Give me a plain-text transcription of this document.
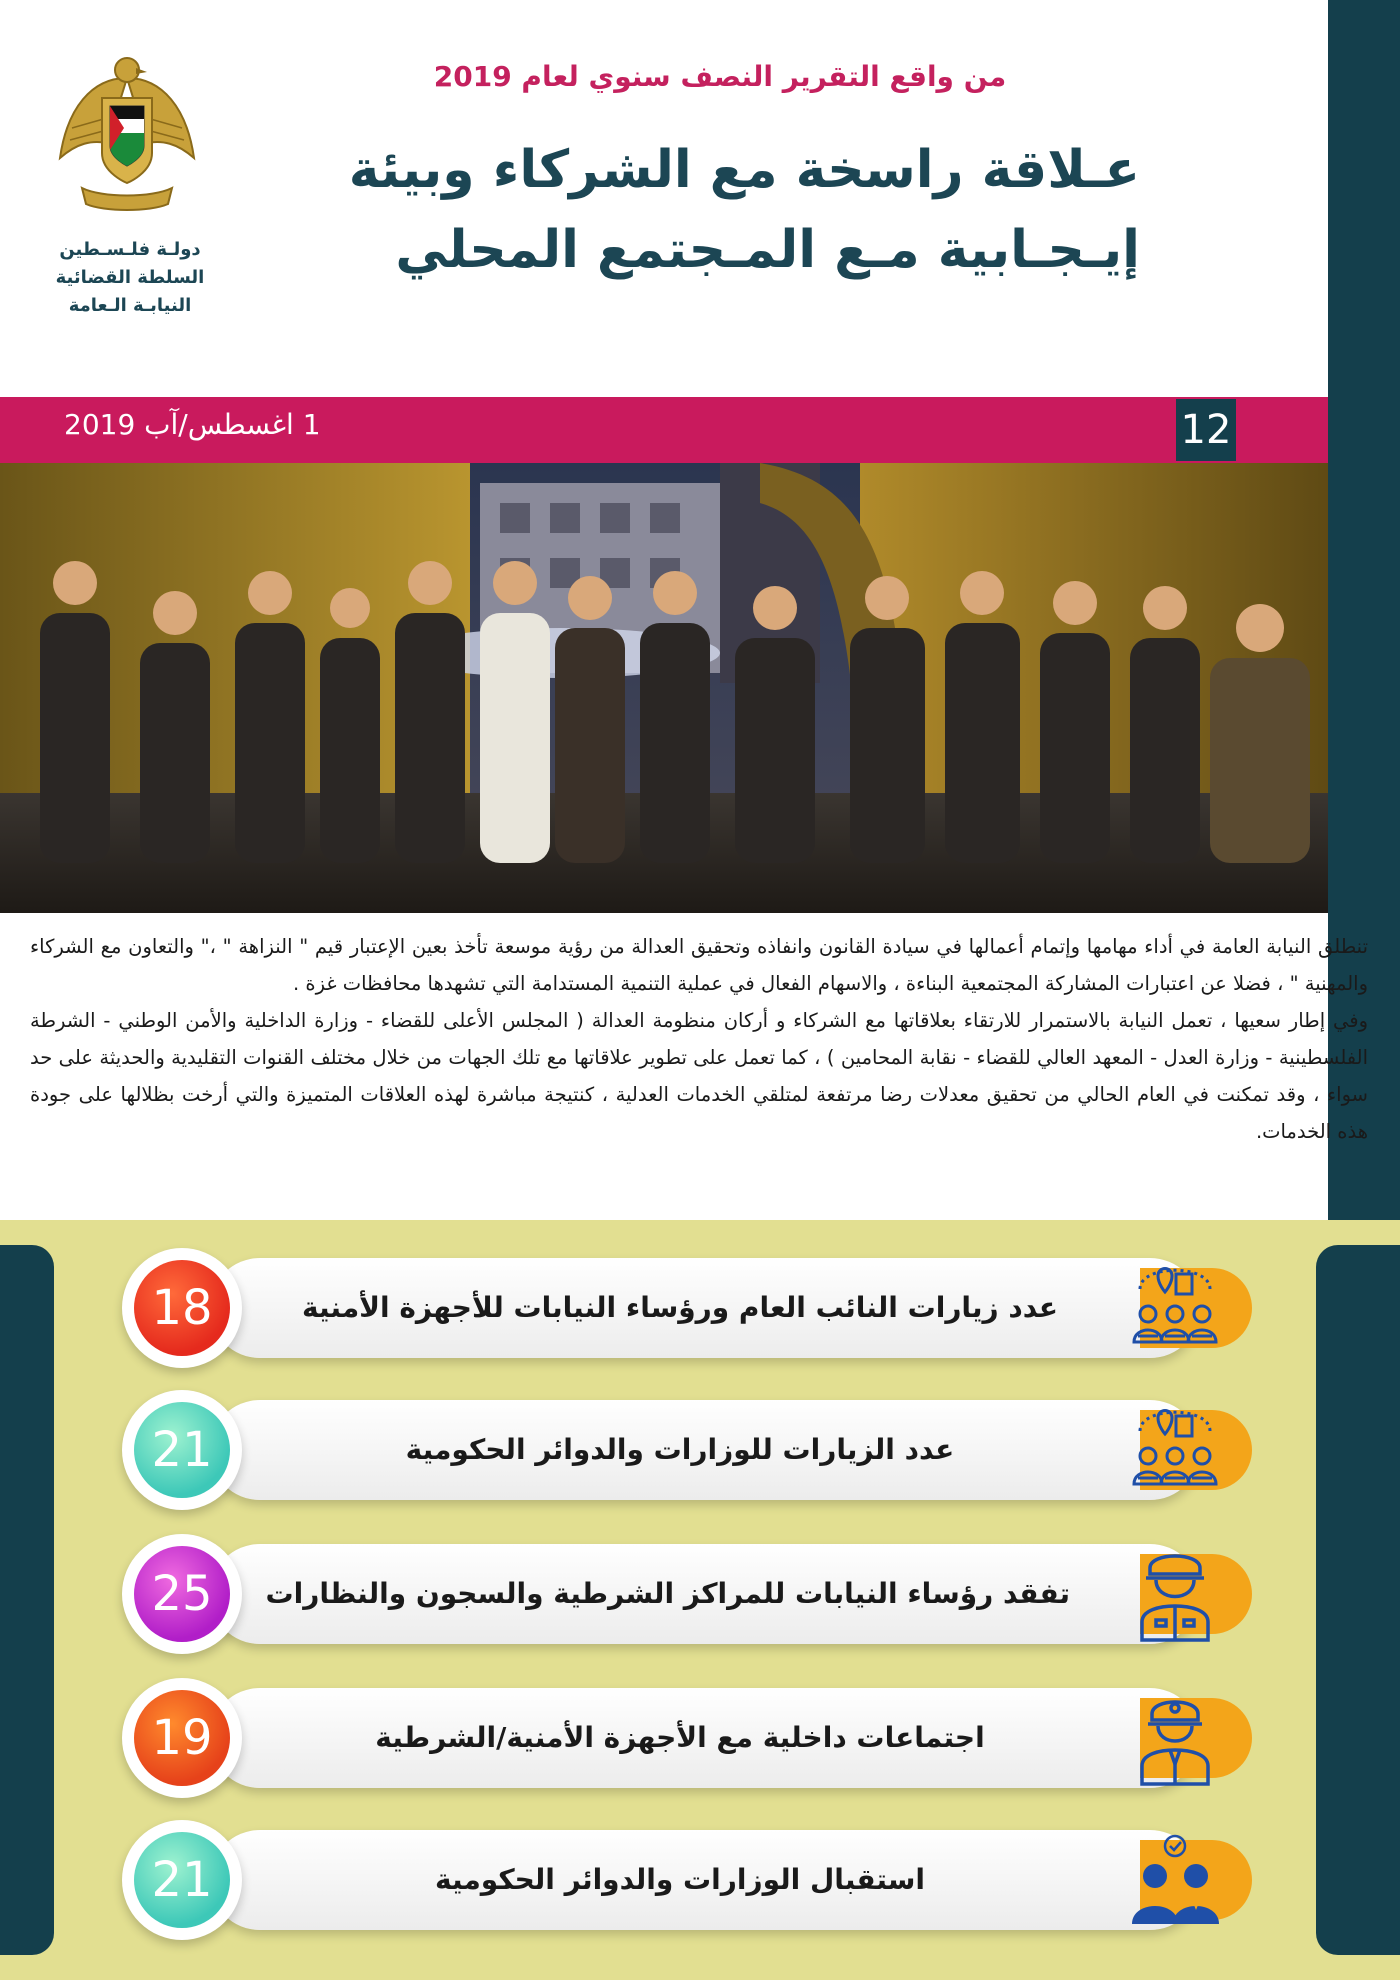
دولـة فلـسـطين
السلطة القضائية
النيابـة الـعامة
من واقع التقرير النصف سنوي لعام 2019
عـلاقة راسخة مع الشركاء وبيئة
إيـجـابية مـع المـجتمع المحلي
1 اغسطس/آب 2019	12

تنطلق النيابة العامة في أداء مهامها وإتمام أعمالها في سيادة القانون وانفاذه وتحقيق العدالة من رؤية موسعة تأخذ بعين الإعتبار قيم " النزاهة " ،" والتعاون مع الشركاء والمهنية " ، فضلا عن اعتبارات المشاركة المجتمعية البناءة ، والاسهام الفعال في عملية التنمية المستدامة التي تشهدها محافظات غزة .

وفي إطار سعيها ، تعمل النيابة بالاستمرار للارتقاء بعلاقاتها مع الشركاء و أركان منظومة العدالة ( المجلس الأعلى للقضاء - وزارة الداخلية والأمن الوطني - الشرطة الفلسطينية - وزارة العدل - المعهد العالي للقضاء - نقابة المحامين ) ، كما تعمل على تطوير علاقاتها مع تلك الجهات من خلال مختلف القنوات التقليدية والحديثة على حد سواء ، وقد تمكنت في العام الحالي من تحقيق معدلات رضا مرتفعة لمتلقي الخدمات العدلية ، كنتيجة مباشرة لهذه العلاقات المتميزة والتي أرخت بظلالها على جودة هذه الخدمات.

عدد زيارات النائب العام ورؤساء النيابات للأجهزة الأمنية
18
عدد الزيارات للوزارات والدوائر الحكومية
21
تفقد رؤساء النيابات للمراكز الشرطية والسجون والنظارات
25
اجتماعات داخلية مع الأجهزة الأمنية/الشرطية
19
استقبال الوزارات والدوائر الحكومية
21
